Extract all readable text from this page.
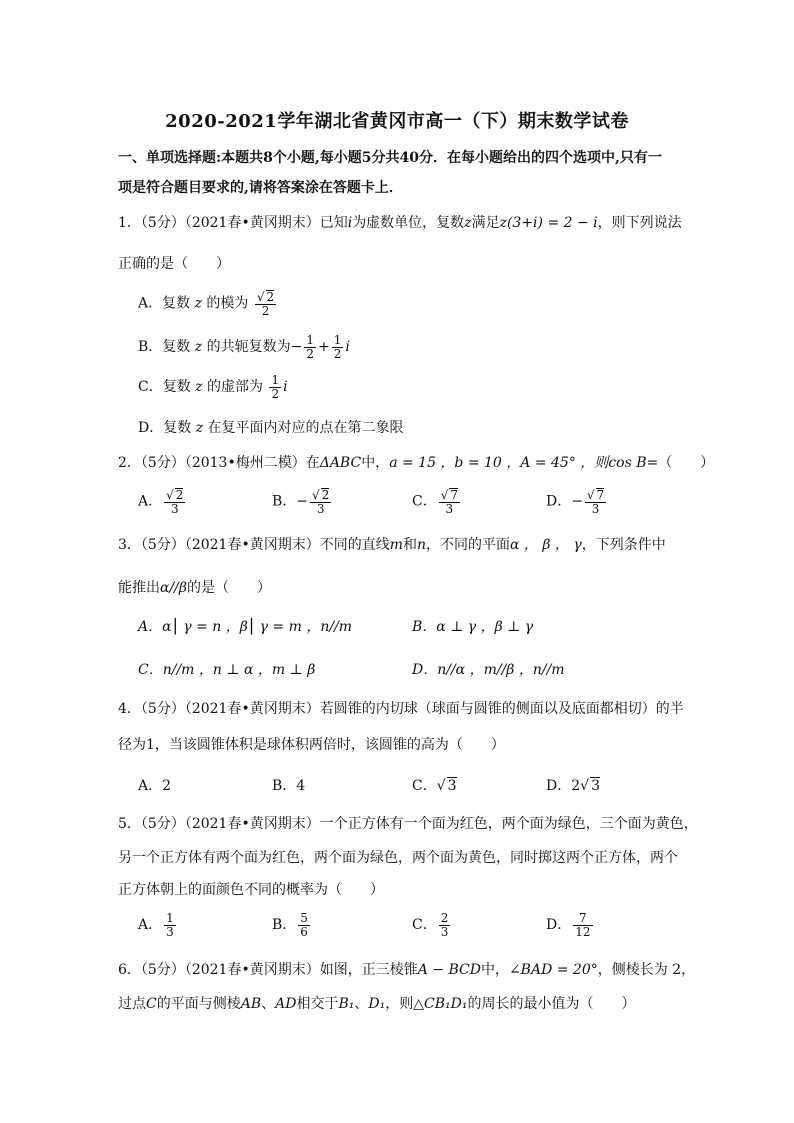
2020-2021学年湖北省黄冈市高一（下）期末数学试卷
一、单项选择题:本题共8个小题,每小题5分共40分．在每小题给出的四个选项中,只有一
项是符合题目要求的,请将答案涂在答题卡上．
1．（5分）（2021春•黄冈期末）已知i为虚数单位，复数z满足z(3+i) = 2 − i，则下列说法
正确的是（　　）
A．复数 z 的模为 $\frac{√ 2}{2}$
B．复数 z 的共轭复数为− $\frac{1}{2} + \frac{1}{2}$ i
C．复数 z 的虚部为 $\frac{1}{2}$ i
D．复数 z 在复平面内对应的点在第二象限
2．（5分）（2013•梅州二模）在ΔABC中，a = 15 ，b = 10 ，A = 45° ，则cos B=（　　）
A． $\frac{√ 2}{3}$	B．− $\frac{√ 2}{3}$	C． $\frac{√ 7}{3}$	D．− $\frac{√ 7}{3}$
3．（5分）（2021春•黄冈期末）不同的直线m和n，不同的平面α ， β ， γ，下列条件中
能推出α//β的是（　　）
A．α⎮ γ = n ，β⎮ γ = m ，n//m	B．α ⊥ γ ，β ⊥ γ
C．n//m ，n ⊥ α ，m ⊥ β	D．n//α ，m//β ，n//m
4．（5分）（2021春•黄冈期末）若圆锥的内切球（球面与圆锥的侧面以及底面都相切）的半
径为1，当该圆锥体积是球体积两倍时，该圆锥的高为（　　）
A．2	B．4	C．√ 3	D．2√ 3
5．（5分）（2021春•黄冈期末）一个正方体有一个面为红色，两个面为绿色，三个面为黄色，
另一个正方体有两个面为红色，两个面为绿色，两个面为黄色，同时掷这两个正方体，两个
正方体朝上的面颜色不同的概率为（　　）
A． $\frac{1}{3}$	B． $\frac{5}{6}$	C． $\frac{2}{3}$	D． $\frac{7}{12}$
6．（5分）（2021春•黄冈期末）如图，正三棱锥A − BCD中，∠BAD = 20°，侧棱长为 2，
过点C的平面与侧棱AB、AD相交于B₁、D₁，则△CB₁D₁的周长的最小值为（　　）
